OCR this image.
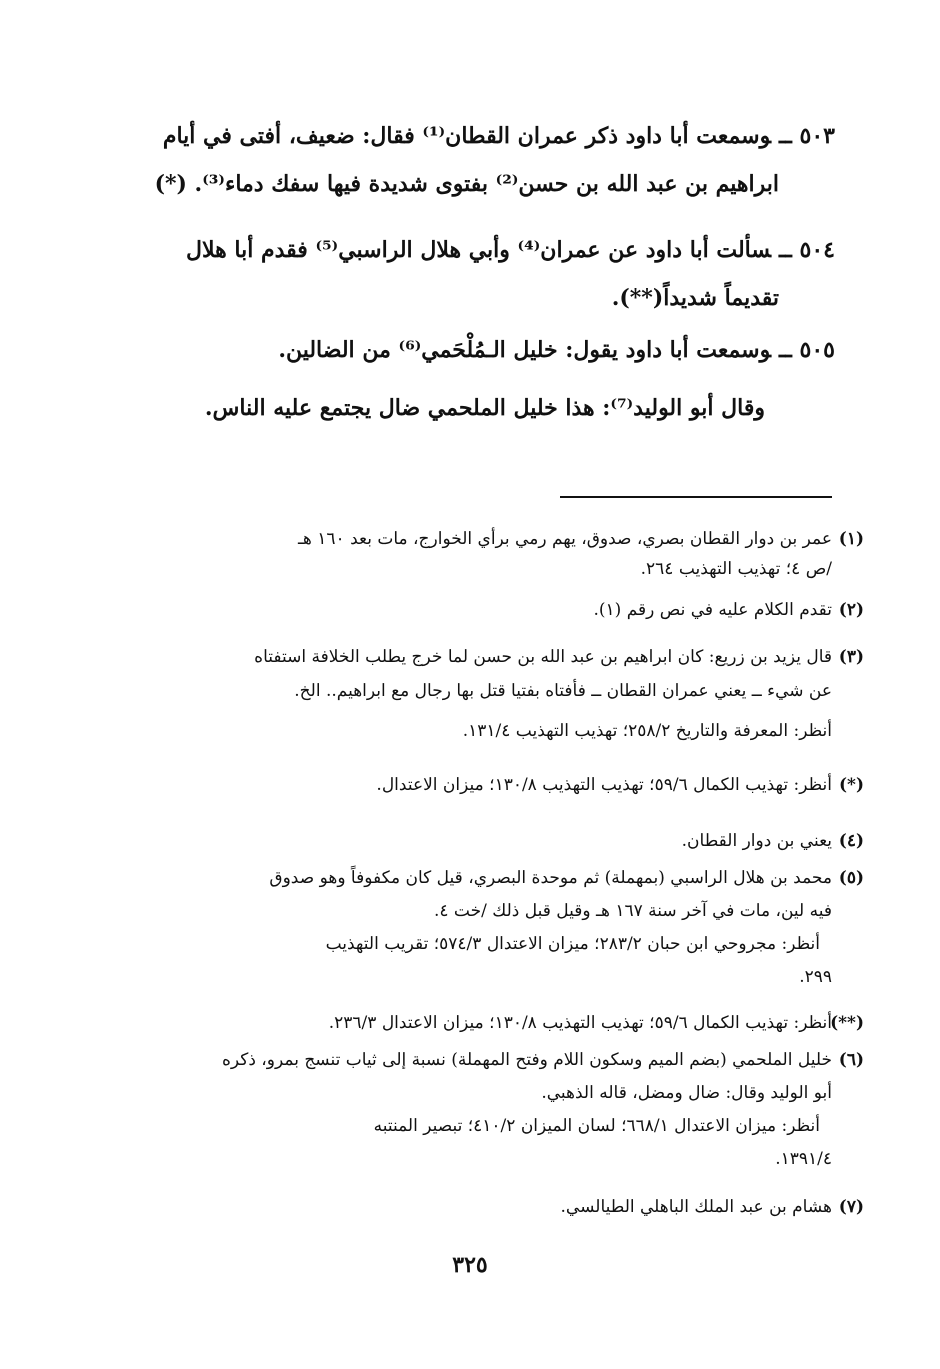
٥٠٣ ــوسمعت أبا داود ذكر عمران القطان⁽¹⁾ فقال: ضعيف، أفتى في أيام
ابراهيم بن عبد الله بن حسن⁽²⁾ بفتوى شديدة فيها سفك دماء⁽³⁾. (*)
٥٠٤ ــسألت أبا داود عن عمران⁽⁴⁾ وأبي هلال الراسبي⁽⁵⁾ فقدم أبا هلال
تقديماً شديداً(**).
٥٠٥ ــوسمعت أبا داود يقول: خليل الـمُلْحَمي⁽⁶⁾ من الضالين.
وقال أبو الوليد⁽⁷⁾: هذا خليل الملحمي ضال يجتمع عليه الناس.
(١)
عمر بن دوار القطان بصري، صدوق، يهم رمي برأي الخوارج، مات بعد ١٦٠ هـ
/ص ٤؛ تهذيب التهذيب ٢٦٤.
(٢)
تقدم الكلام عليه في نص رقم (١).
(٣)
قال يزيد بن زريع: كان ابراهيم بن عبد الله بن حسن لما خرج يطلب الخلافة استفتاه
عن شيء ــ يعني عمران القطان ــ فأفتاه بفتيا قتل بها رجال مع ابراهيم.. الخ.
أنظر: المعرفة والتاريخ ٢٥٨/٢؛ تهذيب التهذيب ١٣١/٤.
(*)
أنظر: تهذيب الكمال ٥٩/٦؛ تهذيب التهذيب ١٣٠/٨؛ ميزان الاعتدال.
(٤)
يعني بن دوار القطان.
(٥)
محمد بن هلال الراسبي (بمهملة) ثم موحدة البصري، قيل كان مكفوفاً وهو صدوق
فيه لين، مات في آخر سنة ١٦٧ هـ وقيل قبل ذلك /خت ٤.
أنظر: مجروحي ابن حبان ٢٨٣/٢؛ ميزان الاعتدال ٥٧٤/٣؛ تقريب التهذيب
٢٩٩.
(**)
أنظر: تهذيب الكمال ٥٩/٦؛ تهذيب التهذيب ١٣٠/٨؛ ميزان الاعتدال ٢٣٦/٣.
(٦)
خليل الملحمي (بضم الميم وسكون اللام وفتح المهملة) نسبة إلى ثياب تنسج بمرو، ذكره
أبو الوليد وقال: ضال ومضل، قاله الذهبي.
أنظر: ميزان الاعتدال ٦٦٨/١؛ لسان الميزان ٤١٠/٢؛ تبصير المنتبه
١٣٩١/٤.
(٧)
هشام بن عبد الملك الباهلي الطيالسي.
٣٢٥
